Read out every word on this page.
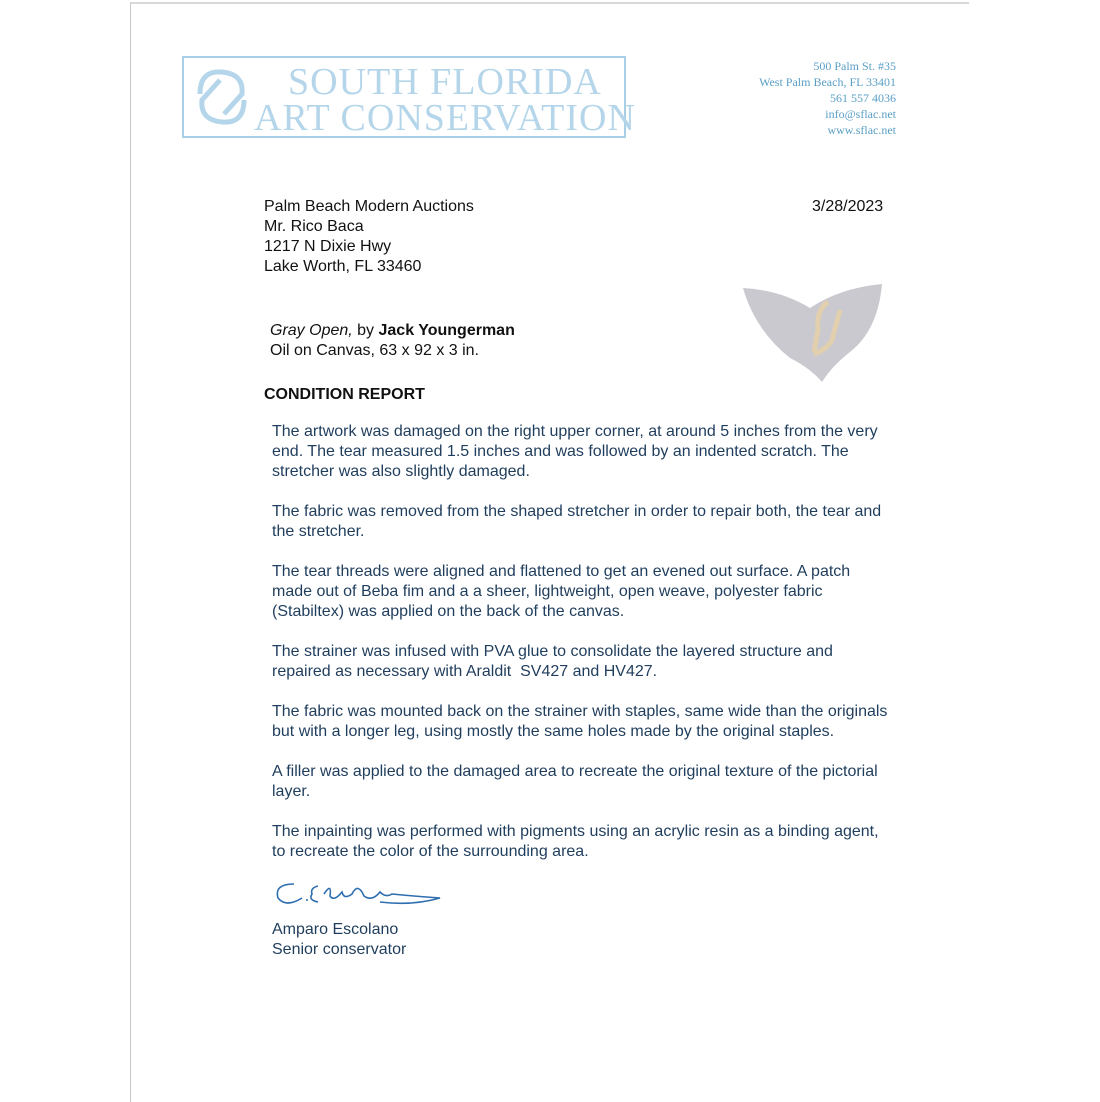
SOUTH FLORIDA
ART CONSERVATION
500 Palm St. #35
West Palm Beach, FL 33401
561 557 4036
info@sflac.net
www.sflac.net
Palm Beach Modern Auctions
Mr. Rico Baca
1217 N Dixie Hwy
Lake Worth, FL 33460
3/28/2023
Gray Open, by Jack Youngerman
Oil on Canvas, 63 x 92 x 3 in.
CONDITION REPORT
The artwork was damaged on the right upper corner, at around 5 inches from the very
end. The tear measured 1.5 inches and was followed by an indented scratch. The
stretcher was also slightly damaged.
The fabric was removed from the shaped stretcher in order to repair both, the tear and
the stretcher.
The tear threads were aligned and flattened to get an evened out surface. A patch
made out of Beba fim and a a sheer, lightweight, open weave, polyester fabric
(Stabiltex) was applied on the back of the canvas.
The strainer was infused with PVA glue to consolidate the layered structure and
repaired as necessary with Araldit  SV427 and HV427.
The fabric was mounted back on the strainer with staples, same wide than the originals
but with a longer leg, using mostly the same holes made by the original staples.
A filler was applied to the damaged area to recreate the original texture of the pictorial
layer.
The inpainting was performed with pigments using an acrylic resin as a binding agent,
to recreate the color of the surrounding area.
Amparo Escolano
Senior conservator
